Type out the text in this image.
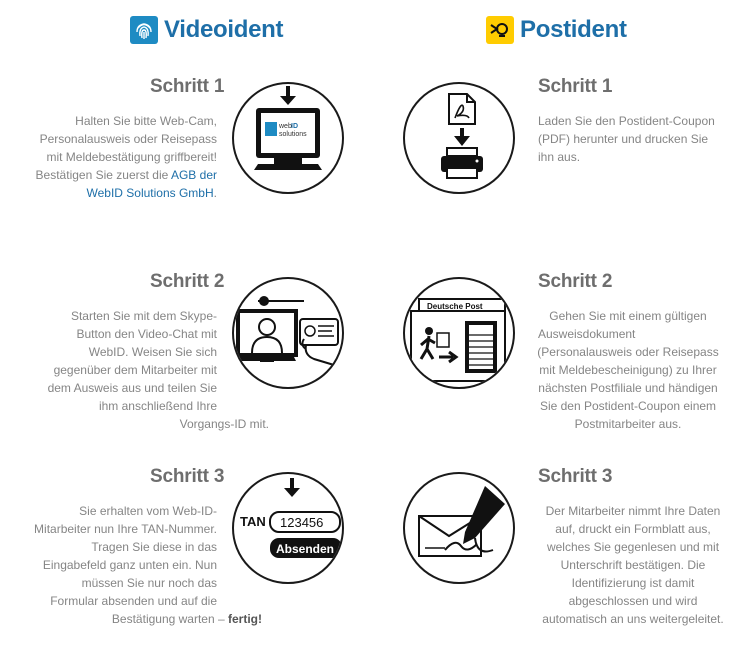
Videoident	Postident
Schritt 1
Halten Sie bitte Web-Cam,
Personalausweis oder Reisepass
mit Meldebestätigung griffbereit!
Bestätigen Sie zuerst die AGB der
WebID Solutions GmbH.
web ID
solutions
Schritt 2
Starten Sie mit dem Skype-
Button den Video-Chat mit
WebID. Weisen Sie sich
gegenüber dem Mitarbeiter mit
dem Ausweis aus und teilen Sie
ihm anschließend Ihre
Vorgangs-ID mit.
Schritt 3
Sie erhalten vom Web-ID-
Mitarbeiter nun Ihre TAN-Nummer.
Tragen Sie diese in das
Eingabefeld ganz unten ein. Nun
müssen Sie nur noch das
Formular absenden und auf die
Bestätigung warten – fertig!
TAN 123456
Absenden
Schritt 1
Laden Sie den Postident-Coupon
(PDF) herunter und drucken Sie
ihn aus.
Deutsche Post
Schritt 2
Gehen Sie mit einem gültigen
Ausweisdokument
(Personalausweis oder Reisepass
mit Meldebescheinigung) zu Ihrer
nächsten Postfiliale und händigen
Sie den Postident-Coupon einem
Postmitarbeiter aus.
Schritt 3
Der Mitarbeiter nimmt Ihre Daten
auf, druckt ein Formblatt aus,
welches Sie gegenlesen und mit
Unterschrift bestätigen. Die
Identifizierung ist damit
abgeschlossen und wird
automatisch an uns weitergeleitet.
